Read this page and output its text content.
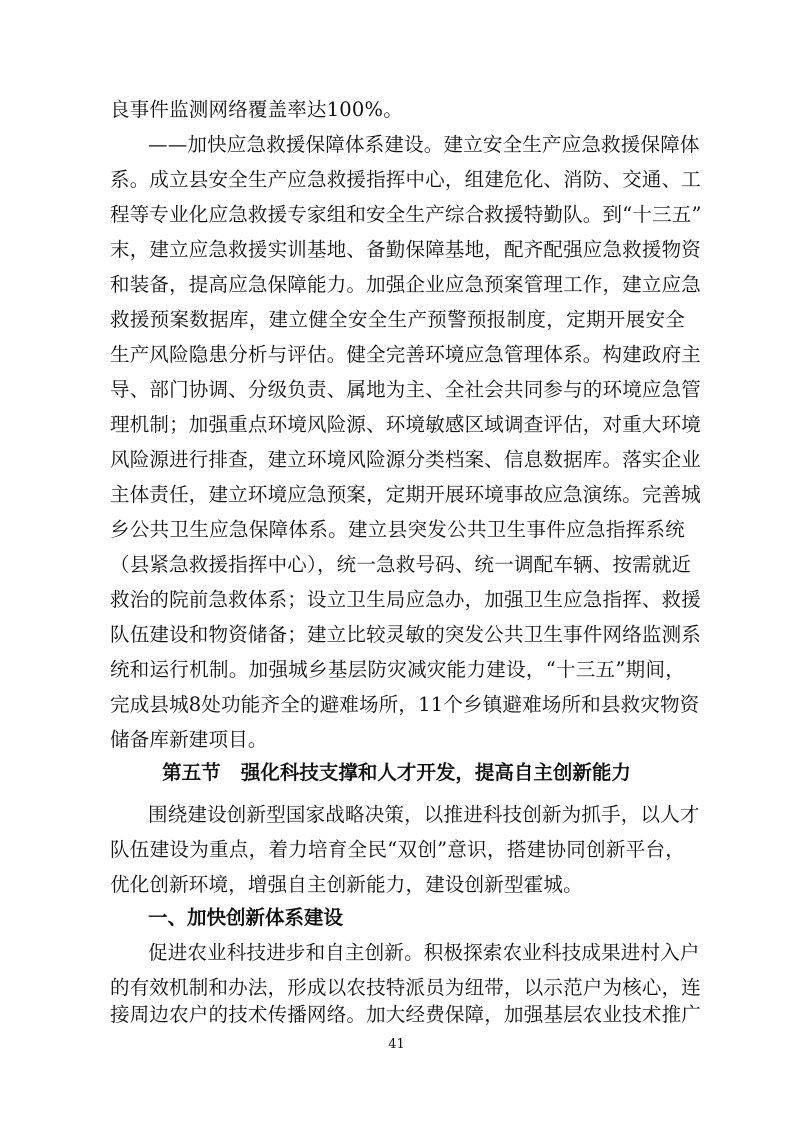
良事件监测网络覆盖率达100%。
——加快应急救援保障体系建设。建立安全生产应急救援保障体
系。成立县安全生产应急救援指挥中心，组建危化、消防、交通、工
程等专业化应急救援专家组和安全生产综合救援特勤队。到“十三五”
末，建立应急救援实训基地、备勤保障基地，配齐配强应急救援物资
和装备，提高应急保障能力。加强企业应急预案管理工作，建立应急
救援预案数据库，建立健全安全生产预警预报制度，定期开展安全
生产风险隐患分析与评估。健全完善环境应急管理体系。构建政府主
导、部门协调、分级负责、属地为主、全社会共同参与的环境应急管
理机制；加强重点环境风险源、环境敏感区域调查评估，对重大环境
风险源进行排查，建立环境风险源分类档案、信息数据库。落实企业
主体责任，建立环境应急预案，定期开展环境事故应急演练。完善城
乡公共卫生应急保障体系。建立县突发公共卫生事件应急指挥系统
（县紧急救援指挥中心），统一急救号码、统一调配车辆、按需就近
救治的院前急救体系；设立卫生局应急办，加强卫生应急指挥、救援
队伍建设和物资储备；建立比较灵敏的突发公共卫生事件网络监测系
统和运行机制。加强城乡基层防灾减灾能力建设，“十三五”期间，
完成县城8处功能齐全的避难场所，11个乡镇避难场所和县救灾物资
储备库新建项目。
第五节   强化科技支撑和人才开发，提高自主创新能力
围绕建设创新型国家战略决策，以推进科技创新为抓手，以人才
队伍建设为重点，着力培育全民“双创”意识，搭建协同创新平台，
优化创新环境，增强自主创新能力，建设创新型霍城。
一、加快创新体系建设
促进农业科技进步和自主创新。积极探索农业科技成果进村入户
的有效机制和办法，形成以农技特派员为纽带，以示范户为核心，连
接周边农户的技术传播网络。加大经费保障，加强基层农业技术推广
41
